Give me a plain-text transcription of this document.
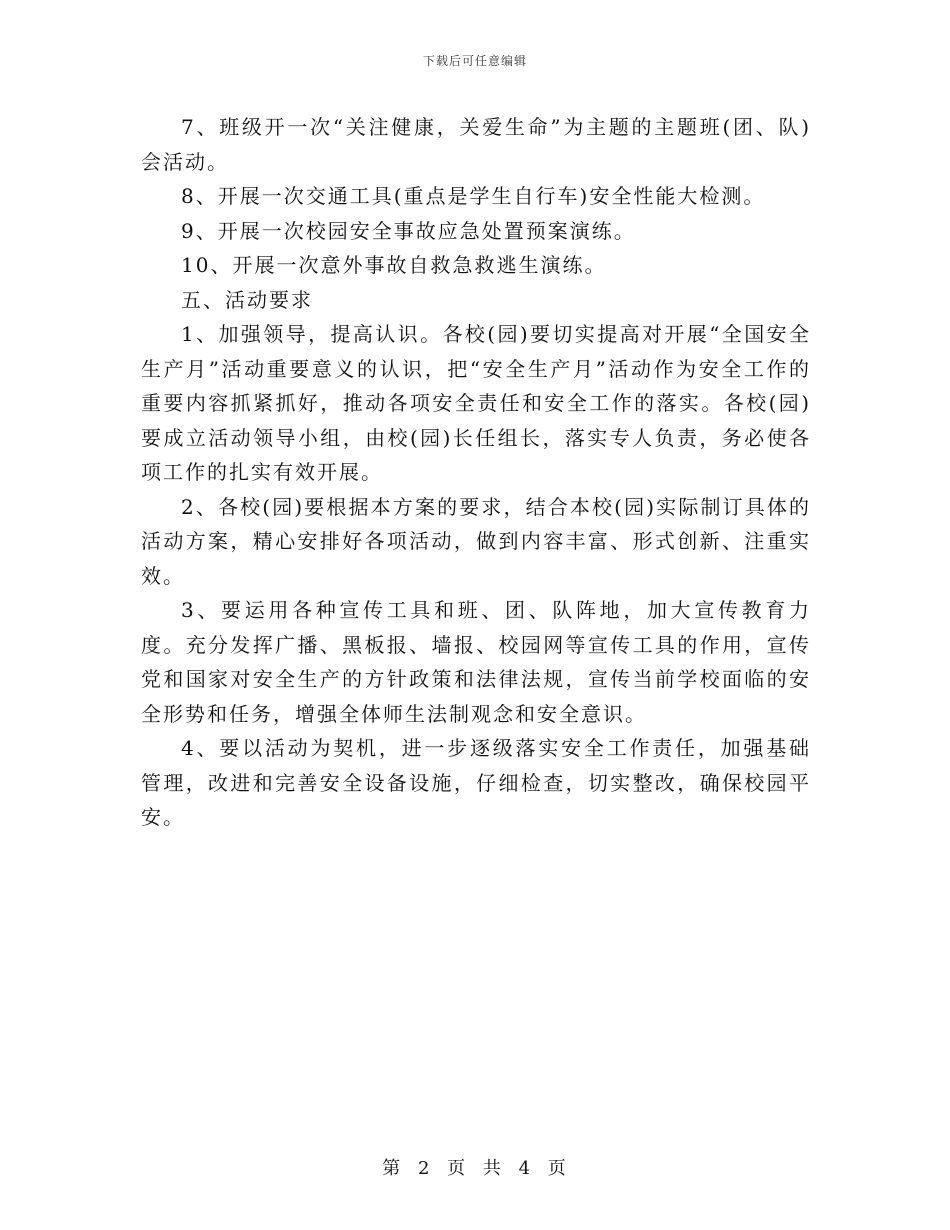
下载后可任意编辑

7、班级开一次“关注健康，关爱生命”为主题的主题班(团、队)会活动。

8、开展一次交通工具(重点是学生自行车)安全性能大检测。

9、开展一次校园安全事故应急处置预案演练。

10、开展一次意外事故自救急救逃生演练。

五、活动要求

1、加强领导，提高认识。各校(园)要切实提高对开展“全国安全生产月”活动重要意义的认识，把“安全生产月”活动作为安全工作的重要内容抓紧抓好，推动各项安全责任和安全工作的落实。各校(园)要成立活动领导小组，由校(园)长任组长，落实专人负责，务必使各项工作的扎实有效开展。

2、各校(园)要根据本方案的要求，结合本校(园)实际制订具体的活动方案，精心安排好各项活动，做到内容丰富、形式创新、注重实效。

3、要运用各种宣传工具和班、团、队阵地，加大宣传教育力度。充分发挥广播、黑板报、墙报、校园网等宣传工具的作用，宣传党和国家对安全生产的方针政策和法律法规，宣传当前学校面临的安全形势和任务，增强全体师生法制观念和安全意识。

4、要以活动为契机，进一步逐级落实安全工作责任，加强基础管理，改进和完善安全设备设施，仔细检查，切实整改，确保校园平安。

第 2 页 共 4 页
